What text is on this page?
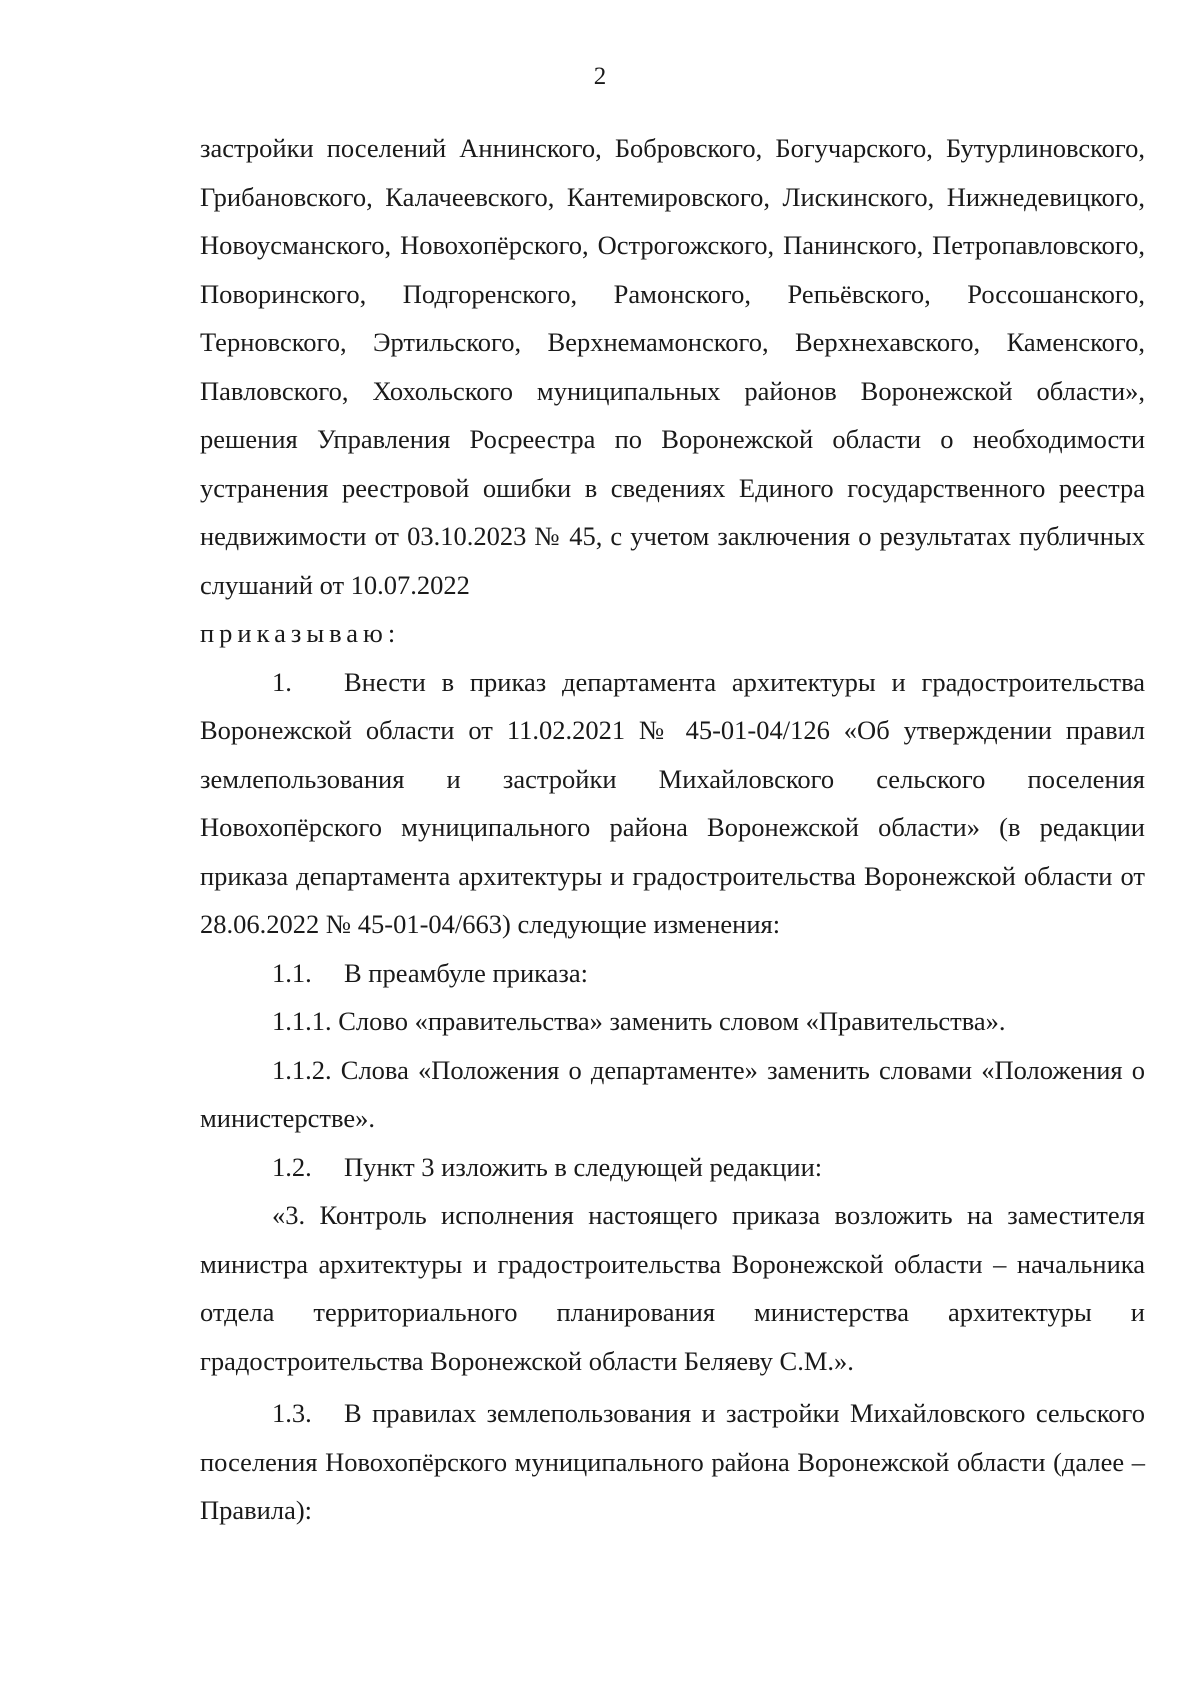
2

застройки поселений Аннинского, Бобровского, Богучарского, Бутурлиновского, Грибановского, Калачеевского, Кантемировского, Лискинского, Нижнедевицкого, Новоусманского, Новохопёрского, Острогожского, Панинского, Петропавловского, Поворинского, Подгоренского, Рамонского, Репьёвского, Россошанского, Терновского, Эртильского, Верхнемамонского, Верхнехавского, Каменского, Павловского, Хохольского муниципальных районов Воронежской области», решения Управления Росреестра по Воронежской области о необходимости устранения реестровой ошибки в сведениях Единого государственного реестра недвижимости от 03.10.2023 № 45, с учетом заключения о результатах публичных слушаний от 10.07.2022

приказываю:

1. Внести в приказ департамента архитектуры и градостроительства Воронежской области от 11.02.2021 № 45-01-04/126 «Об утверждении правил землепользования и застройки Михайловского сельского поселения Новохопёрского муниципального района Воронежской области» (в редакции приказа департамента архитектуры и градостроительства Воронежской области от 28.06.2022 № 45-01-04/663) следующие изменения:

1.1. В преамбуле приказа:

1.1.1. Слово «правительства» заменить словом «Правительства».

1.1.2. Слова «Положения о департаменте» заменить словами «Положения о министерстве».

1.2. Пункт 3 изложить в следующей редакции:

«3. Контроль исполнения настоящего приказа возложить на заместителя министра архитектуры и градостроительства Воронежской области – начальника отдела территориального планирования министерства архитектуры и градостроительства Воронежской области Беляеву С.М.».

1.3. В правилах землепользования и застройки Михайловского сельского поселения Новохопёрского муниципального района Воронежской области (далее – Правила):
